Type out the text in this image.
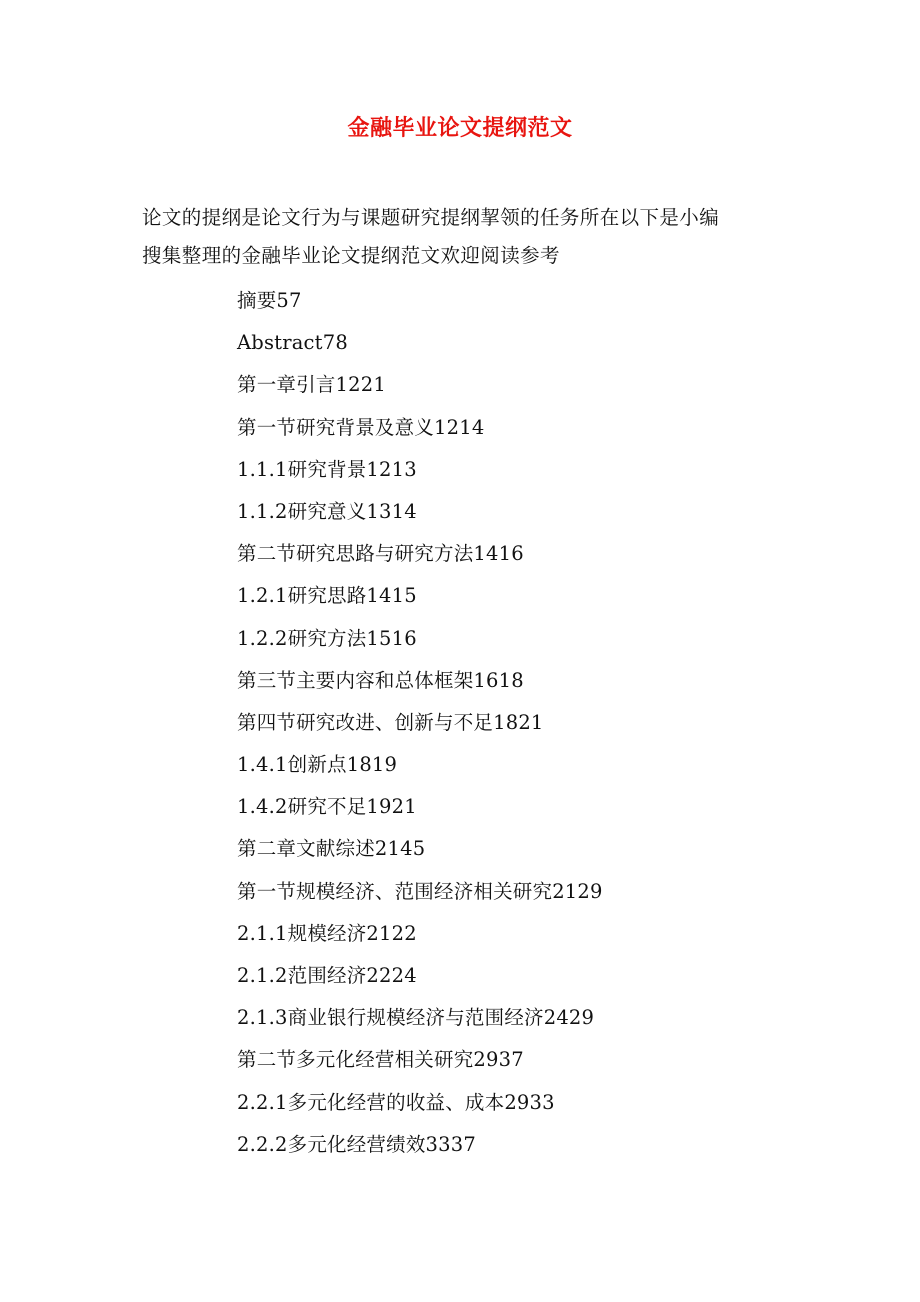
金融毕业论文提纲范文

论文的提纲是论文行为与课题研究提纲挈领的任务所在以下是小编

搜集整理的金融毕业论文提纲范文欢迎阅读参考

摘要57
Abstract78
第一章引言1221
第一节研究背景及意义1214
1.1.1研究背景1213
1.1.2研究意义1314
第二节研究思路与研究方法1416
1.2.1研究思路1415
1.2.2研究方法1516
第三节主要内容和总体框架1618
第四节研究改进、创新与不足1821
1.4.1创新点1819
1.4.2研究不足1921
第二章文献综述2145
第一节规模经济、范围经济相关研究2129
2.1.1规模经济2122
2.1.2范围经济2224
2.1.3商业银行规模经济与范围经济2429
第二节多元化经营相关研究2937
2.2.1多元化经营的收益、成本2933
2.2.2多元化经营绩效3337
